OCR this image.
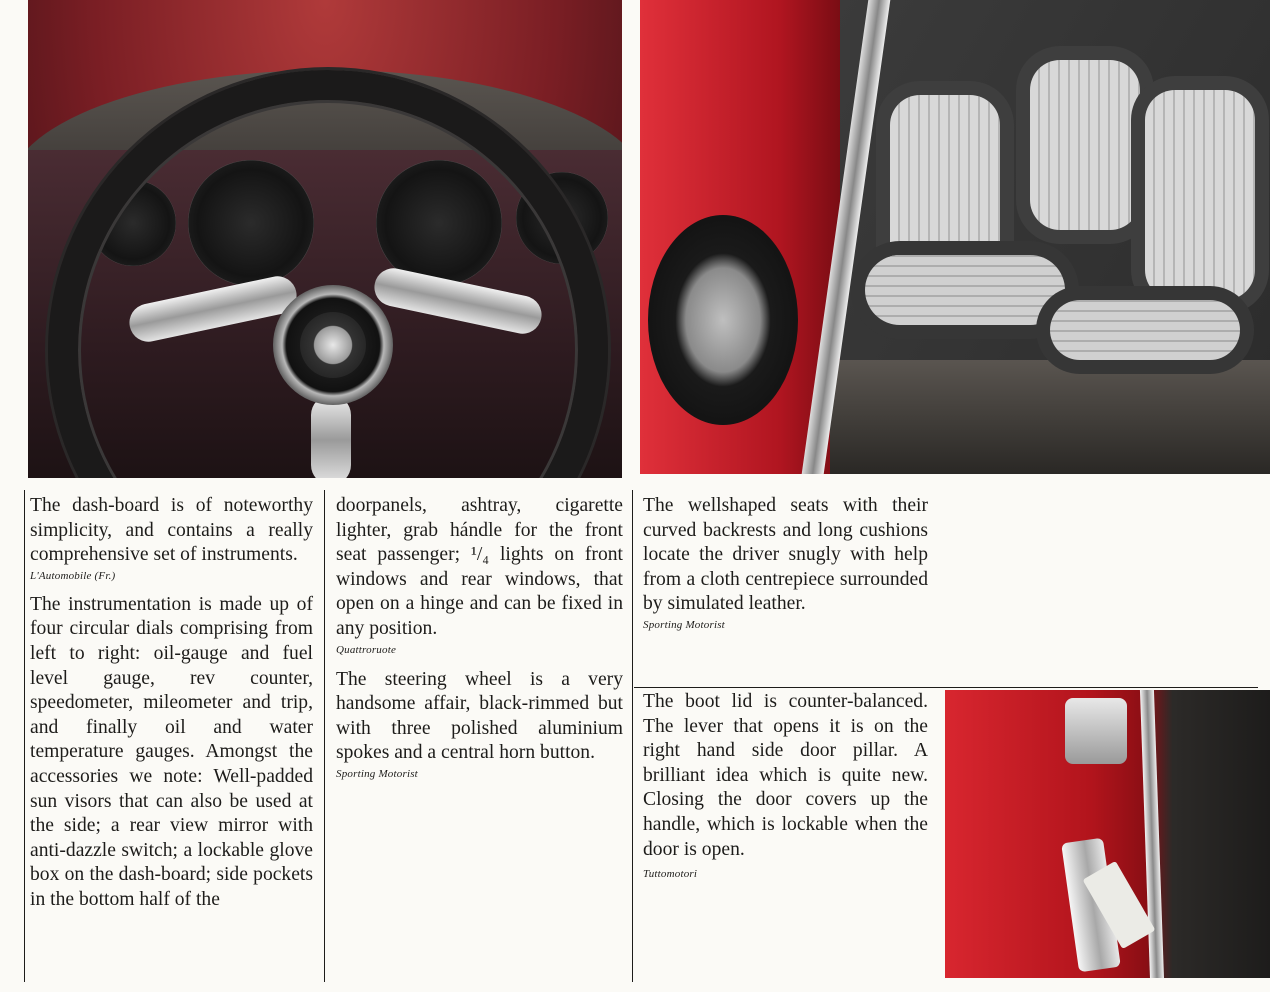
The dash-board is of noteworthy simplicity, and contains a really comprehensive set of instruments.

L'Automobile (Fr.)

The instrumentation is made up of four circular dials comprising from left to right: oil-gauge and fuel level gauge, rev counter, speedometer, mileometer and trip, and finally oil and water temperature gauges. Amongst the accessories we note: Well-padded sun visors that can also be used at the side; a rear view mirror with anti-dazzle switch; a lockable glove box on the dash-board; side pockets in the bottom half of the

doorpanels, ashtray, cigarette lighter, grab hándle for the front seat passenger; ¹/₄ lights on front windows and rear windows, that open on a hinge and can be fixed in any position.

Quattroruote

The steering wheel is a very handsome affair, black-rimmed but with three polished aluminium spokes and a central horn button.

Sporting Motorist

The wellshaped seats with their curved backrests and long cushions locate the driver snugly with help from a cloth centrepiece surrounded by simulated leather.

Sporting Motorist

The boot lid is counter-balanced. The lever that opens it is on the right hand side door pillar. A brilliant idea which is quite new. Closing the door covers up the handle, which is lockable when the door is open.

Tuttomotori
